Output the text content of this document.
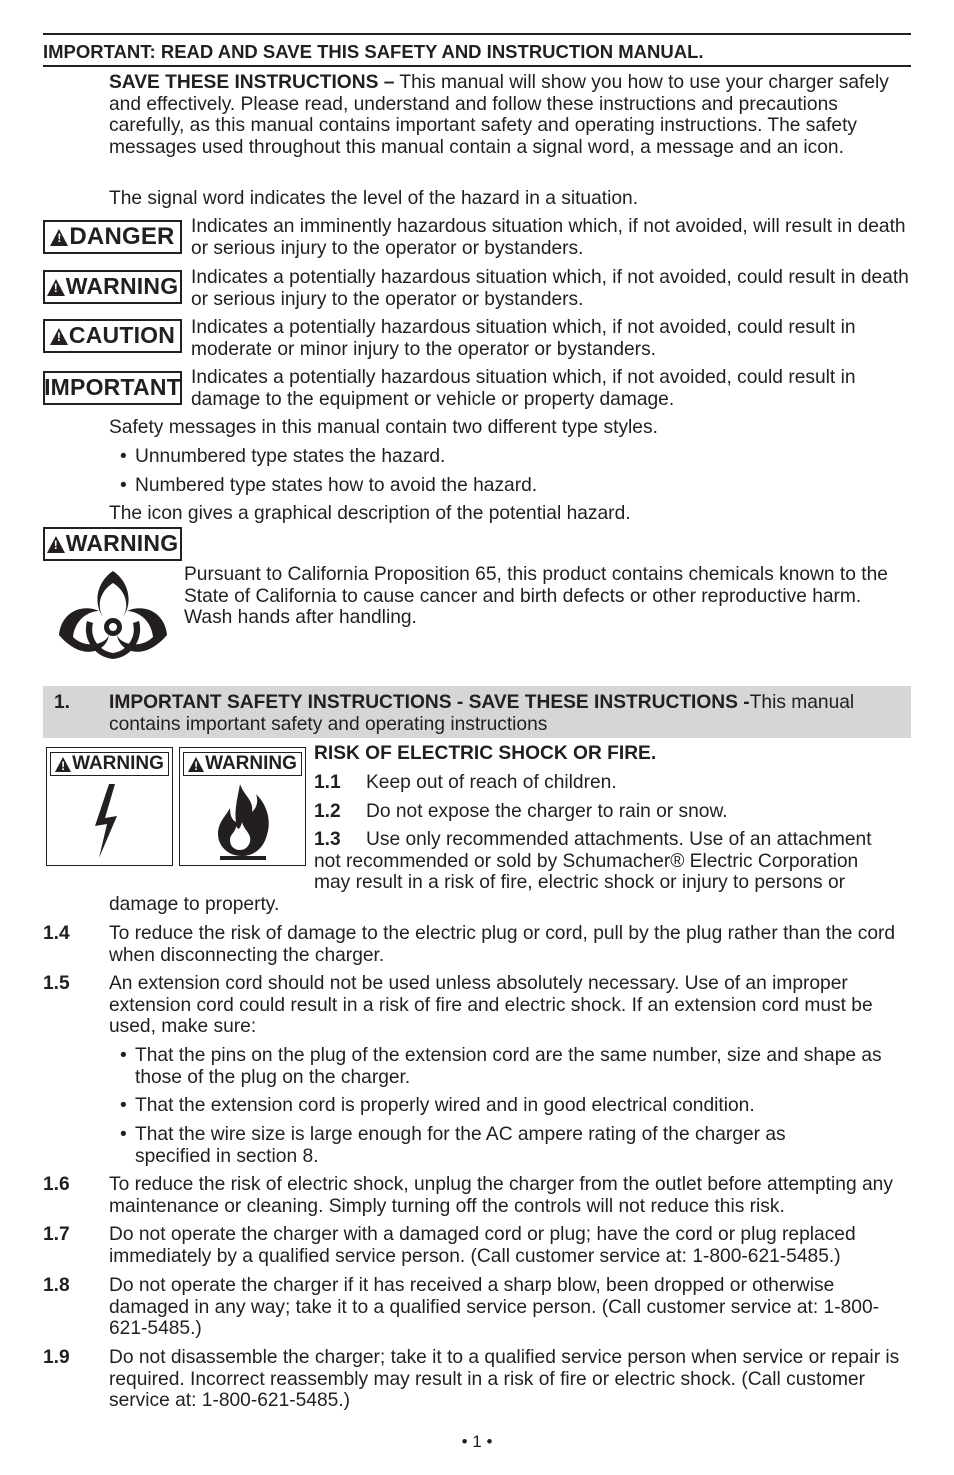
IMPORTANT: READ AND SAVE THIS SAFETY AND INSTRUCTION MANUAL.
SAVE THESE INSTRUCTIONS – This manual will show you how to use your charger safely and effectively. Please read, understand and follow these instructions and precautions carefully, as this manual contains important safety and operating instructions. The safety messages used throughout this manual contain a signal word, a message and an icon.
The signal word indicates the level of the hazard in a situation.
!
DANGER Indicates an imminently hazardous situation which, if not avoided, will result in death or serious injury to the operator or bystanders.
!
WARNING Indicates a potentially hazardous situation which, if not avoided, could result in death or serious injury to the operator or bystanders.
!
CAUTION Indicates a potentially hazardous situation which, if not avoided, could result in moderate or minor injury to the operator or bystanders.
IMPORTANT Indicates a potentially hazardous situation which, if not avoided, could result in damage to the equipment or vehicle or property damage.
Safety messages in this manual contain two different type styles.
• Unnumbered type states the hazard.
• Numbered type states how to avoid the hazard.
The icon gives a graphical description of the potential hazard.
!
WARNING
Pursuant to California Proposition 65, this product contains chemicals known to the State of California to cause cancer and birth defects or other reproductive harm. Wash hands after handling.
1. IMPORTANT SAFETY INSTRUCTIONS - SAVE THESE INSTRUCTIONS -This manual contains important safety and operating instructions
!
WARNING
! WARNING RISK OF ELECTRIC SHOCK OR FIRE.
1.1 Keep out of reach of children.
1.2 Do not expose the charger to rain or snow.
1.3 Use only recommended attachments. Use of an attachment
not recommended or sold by Schumacher® Electric Corporation
may result in a risk of fire, electric shock or injury to persons or
damage to property.
1.4 To reduce the risk of damage to the electric plug or cord, pull by the plug rather than the cord when disconnecting the charger.
1.5 An extension cord should not be used unless absolutely necessary. Use of an improper extension cord could result in a risk of fire and electric shock. If an extension cord must be used, make sure:
• That the pins on the plug of the extension cord are the same number, size and shape as those of the plug on the charger.
• That the extension cord is properly wired and in good electrical condition.
• That the wire size is large enough for the AC ampere rating of the charger as specified in section 8.
1.6 To reduce the risk of electric shock, unplug the charger from the outlet before attempting any maintenance or cleaning. Simply turning off the controls will not reduce this risk.
1.7 Do not operate the charger with a damaged cord or plug; have the cord or plug replaced immediately by a qualified service person. (Call customer service at: 1-800-621-5485.)
1.8 Do not operate the charger if it has received a sharp blow, been dropped or otherwise damaged in any way; take it to a qualified service person. (Call customer service at: 1-800-621-5485.)
1.9 Do not disassemble the charger; take it to a qualified service person when service or repair is required. Incorrect reassembly may result in a risk of fire or electric shock. (Call customer service at: 1-800-621-5485.)
• 1 •
